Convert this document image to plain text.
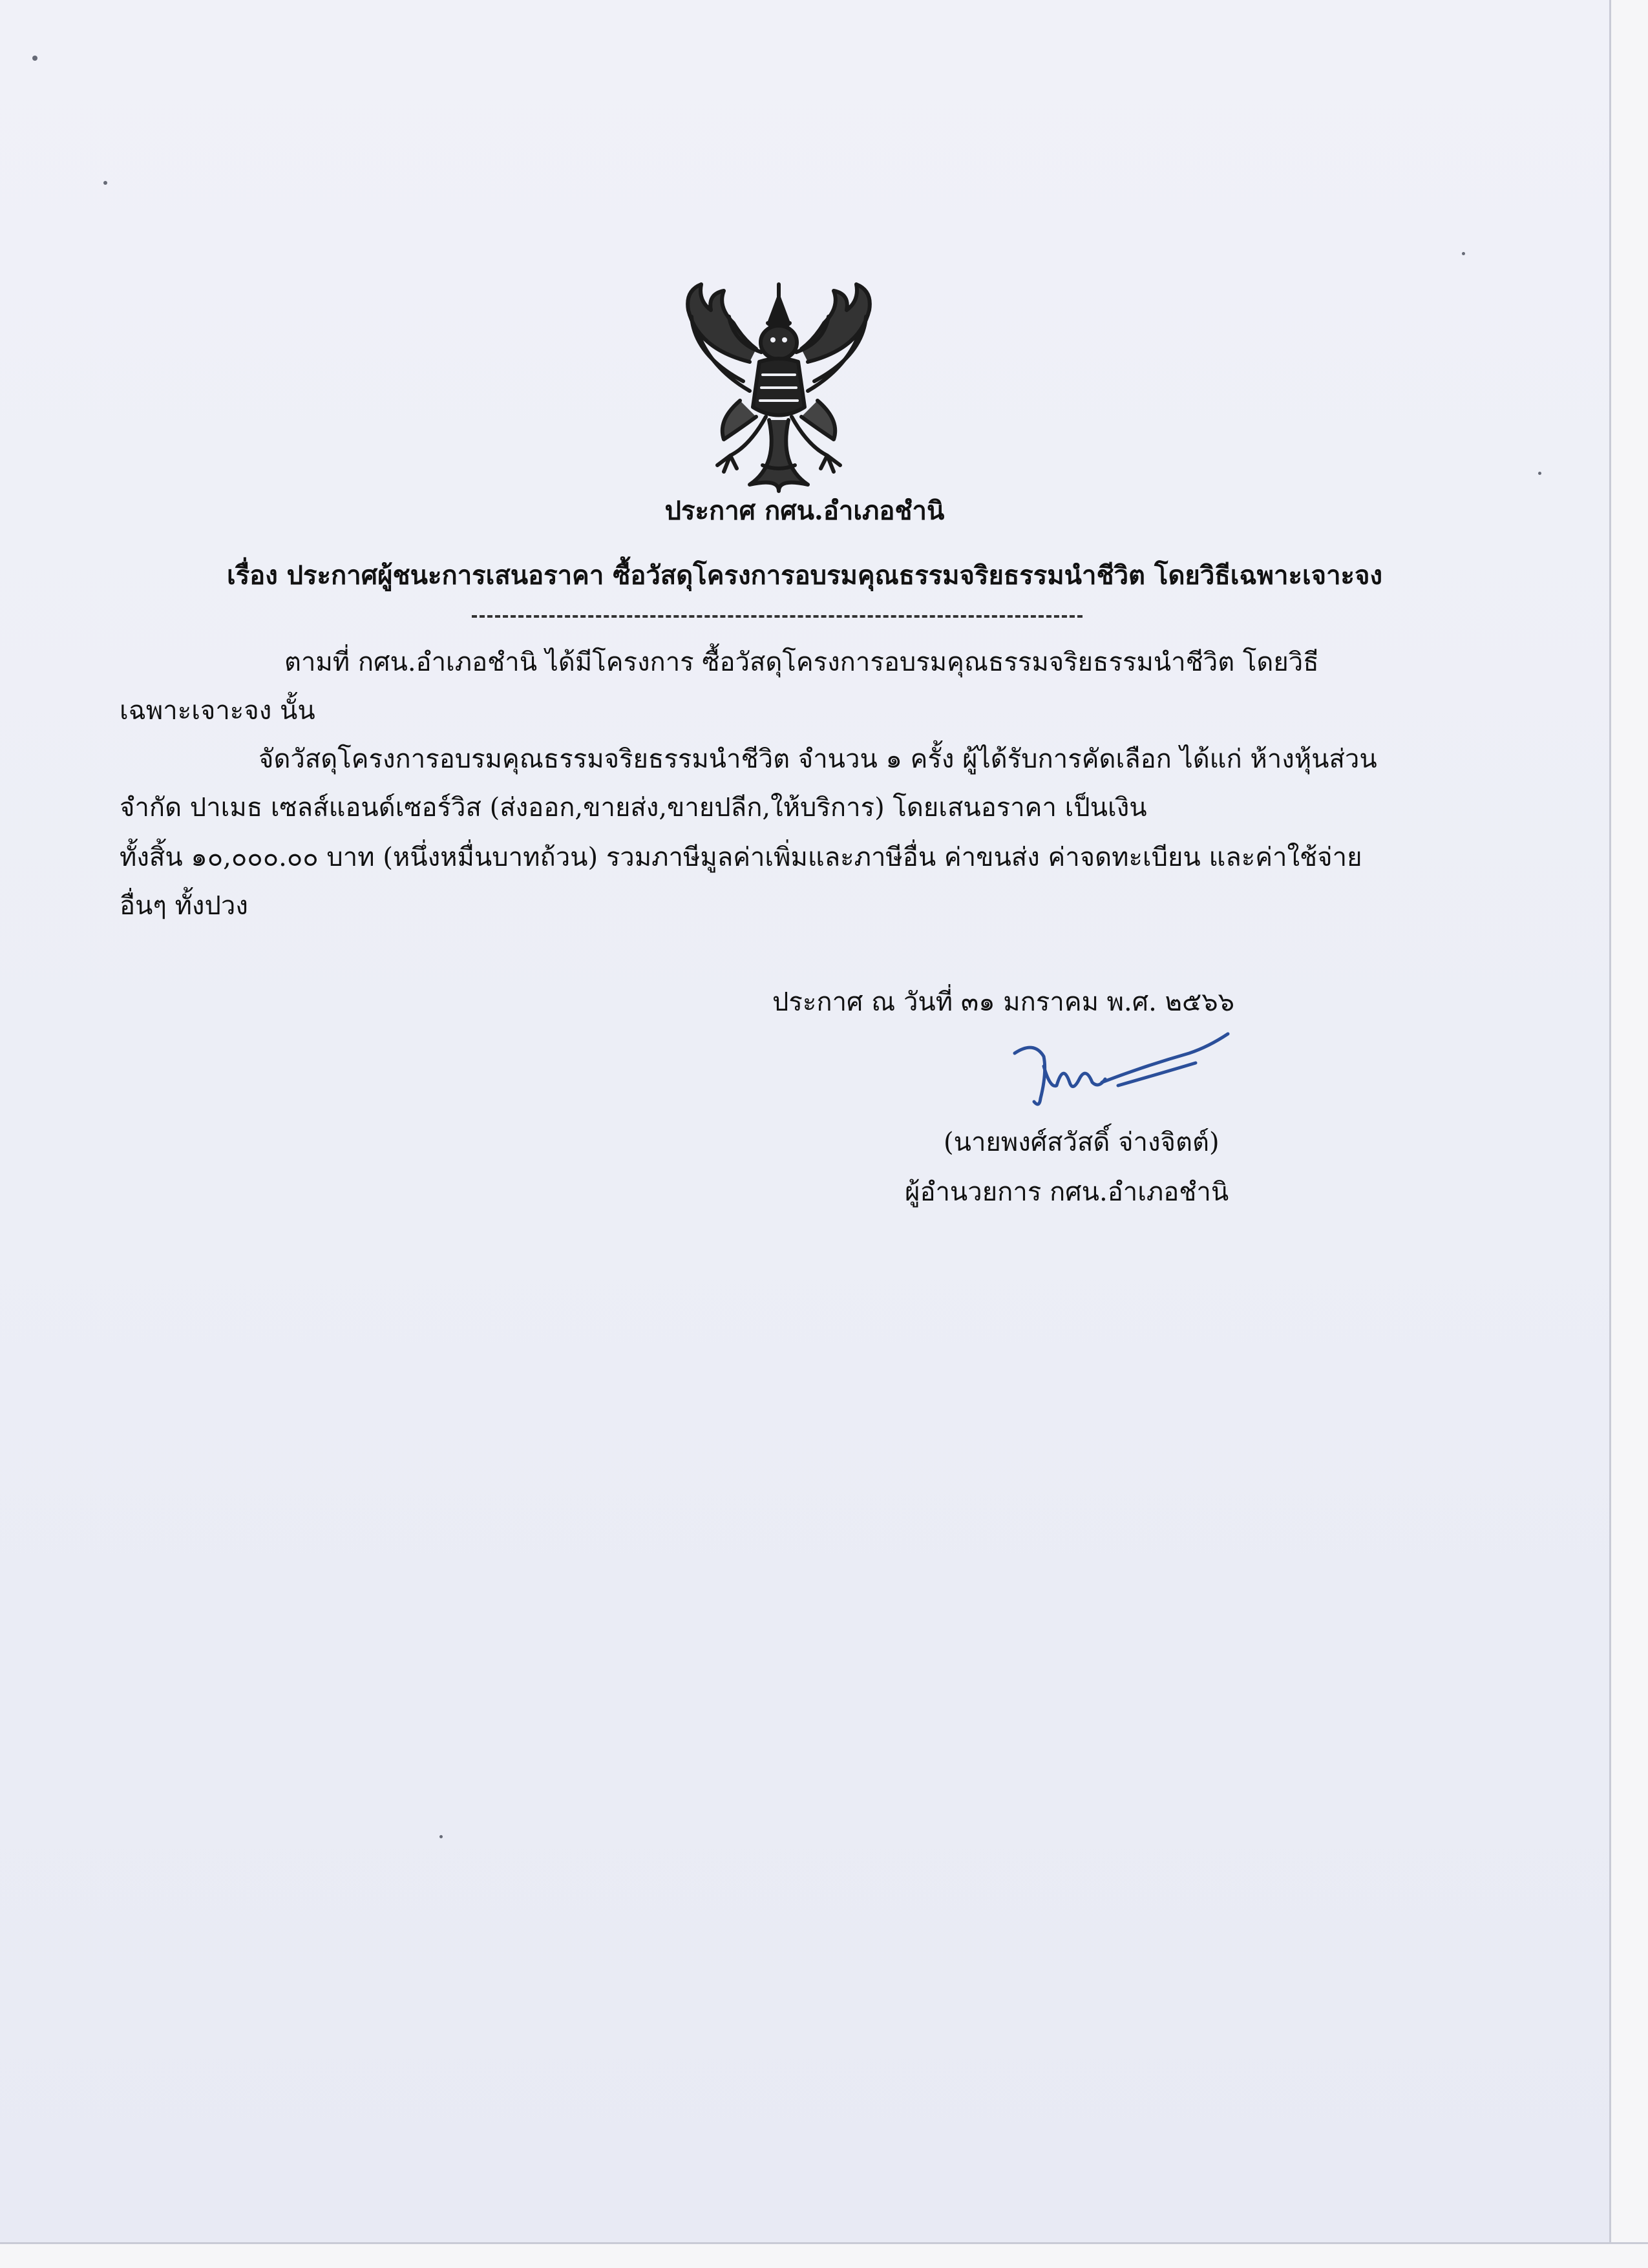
ประกาศ กศน.อำเภอชำนิ
เรื่อง ประกาศผู้ชนะการเสนอราคา ซื้อวัสดุโครงการอบรมคุณธรรมจริยธรรมนำชีวิต โดยวิธีเฉพาะเจาะจง
ตามที่ กศน.อำเภอชำนิ ได้มีโครงการ ซื้อวัสดุโครงการอบรมคุณธรรมจริยธรรมนำชีวิต โดยวิธี
เฉพาะเจาะจง นั้น
จัดวัสดุโครงการอบรมคุณธรรมจริยธรรมนำชีวิต จำนวน ๑ ครั้ง ผู้ได้รับการคัดเลือก ได้แก่ ห้างหุ้นส่วน
จำกัด ปาเมธ เซลส์แอนด์เซอร์วิส (ส่งออก,ขายส่ง,ขายปลีก,ให้บริการ) โดยเสนอราคา เป็นเงิน
ทั้งสิ้น ๑๐,๐๐๐.๐๐ บาท (หนึ่งหมื่นบาทถ้วน) รวมภาษีมูลค่าเพิ่มและภาษีอื่น ค่าขนส่ง ค่าจดทะเบียน และค่าใช้จ่าย
อื่นๆ ทั้งปวง
ประกาศ ณ วันที่ ๓๑ มกราคม พ.ศ. ๒๕๖๖
(นายพงศ์สวัสดิ์ จ่างจิตต์)
ผู้อำนวยการ กศน.อำเภอชำนิ
